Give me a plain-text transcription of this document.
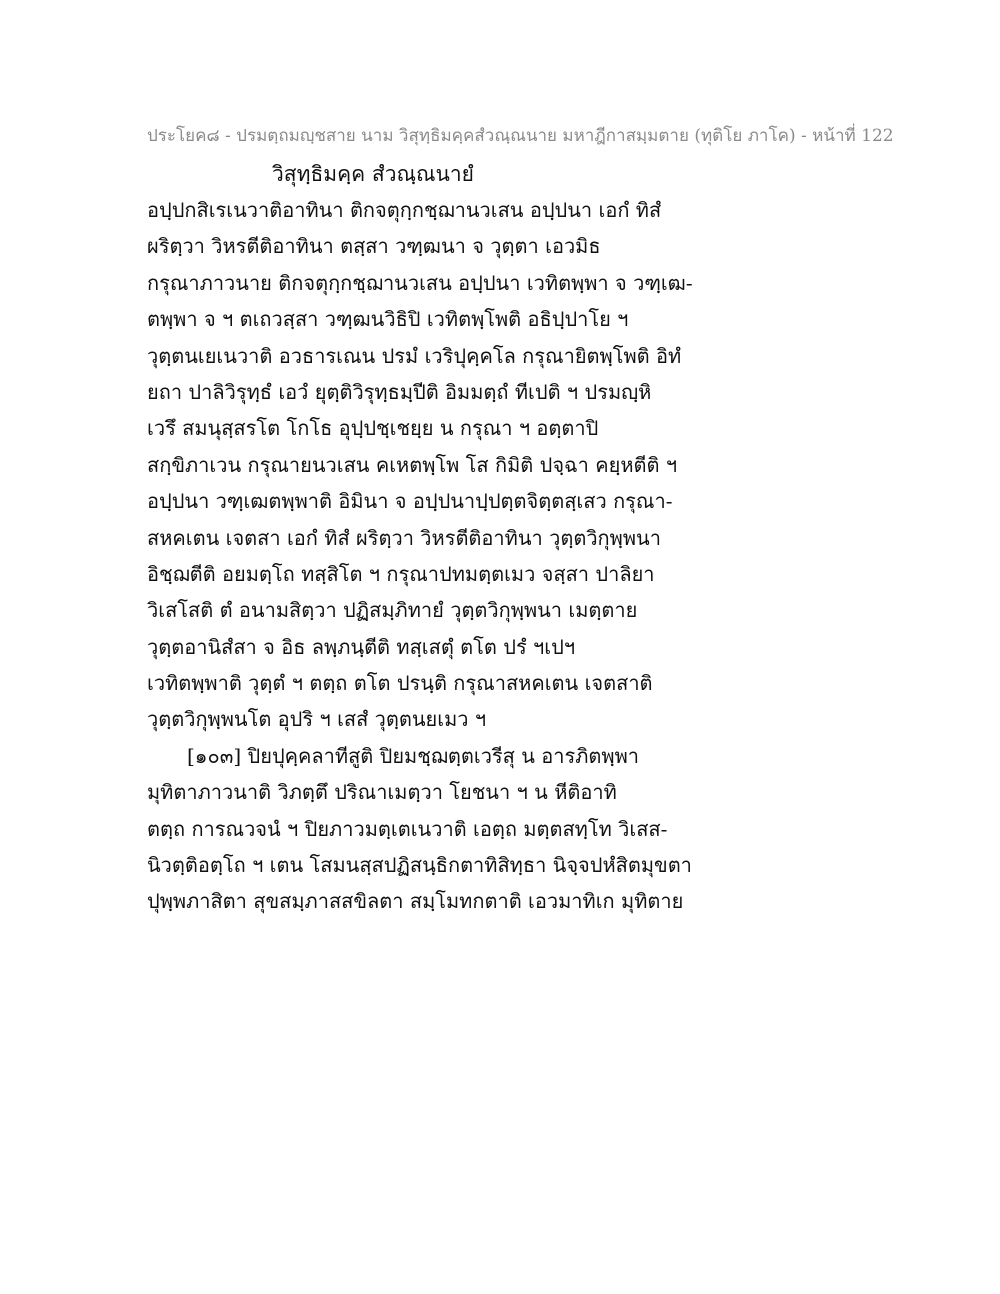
ประโยค๘ - ปรมตฺถมญฺชสาย นาม วิสุทฺธิมคฺคสํวณฺณนาย มหาฎีกาสมฺมตาย (ทุติโย ภาโค) - หน้าที่ 122
วิสุทฺธิมคฺค สํวณฺณนายํ
อปฺปกสิเรเนวาติอาทินา ติกจตุกฺกชฺฌานวเสน อปฺปนา เอกํ ทิสํ
ผริตฺวา วิหรตีติอาทินา ตสฺสา วฑฺฒนา จ วุตฺตา เอวมิธ
กรุณาภาวนาย ติกจตุกฺกชฺฌานวเสน อปฺปนา เวทิตพฺพา จ วฑฺเฒ-
ตพฺพา จ ฯ ตเถวสฺสา วฑฺฒนวิธิปิ เวทิตพฺโพติ อธิปฺปาโย ฯ
วุตฺตนเยเนวาติ อวธารเณน ปรมํ เวริปุคฺคโล กรุณายิตพฺโพติ อิทํ
ยถา ปาลิวิรุทฺธํ เอวํ ยุตฺติวิรุทฺธมฺปีติ อิมมตฺถํ ทีเปติ ฯ ปรมญฺหิ
เวรึ สมนุสฺสรโต โกโธ อุปฺปชฺเชยฺย น กรุณา ฯ อตฺตาปิ
สกฺขิภาเวน กรุณายนวเสน คเหตพฺโพ โส กิมิติ ปจฺฉา คยฺหตีติ ฯ
อปฺปนา วฑฺเฒตพฺพาติ อิมินา จ อปฺปนาปฺปตฺตจิตฺตสฺเสว กรุณา-
สหคเตน เจตสา เอกํ ทิสํ ผริตฺวา วิหรตีติอาทินา วุตฺตวิกุพฺพนา
อิชฺฌตีติ อยมตฺโถ ทสฺสิโต ฯ กรุณาปทมตฺตเมว จสฺสา ปาลิยา
วิเสโสติ ตํ อนามสิตฺวา ปฏิสมฺภิทายํ วุตฺตวิกุพฺพนา เมตฺตาย
วุตฺตอานิสํสา จ อิธ ลพฺภนฺตีติ ทสฺเสตุํ ตโต ปรํ ฯเปฯ
เวทิตพฺพาติ วุตฺตํ ฯ ตตฺถ ตโต ปรนฺติ กรุณาสหคเตน เจตสาติ
วุตฺตวิกุพฺพนโต อุปริ ฯ เสสํ วุตฺตนยเมว ฯ
[๑๐๓] ปิยปุคฺคลาทีสูติ ปิยมชฺฌตฺตเวรีสุ น อารภิตพฺพา
มุทิตาภาวนาติ วิภตฺตึ ปริณาเมตฺวา โยชนา ฯ น หีติอาทิ
ตตฺถ การณวจนํ ฯ ปิยภาวมตฺเตเนวาติ เอตฺถ มตฺตสทฺโท วิเสส-
นิวตฺติอตฺโถ ฯ เตน โสมนสฺสปฏิสนฺธิกตาทิสิทฺธา นิจฺจปหํสิตมุขตา
ปุพฺพภาสิตา สุขสมฺภาสสขิลตา สมฺโมทกตาติ เอวมาทิเก มุทิตาย
